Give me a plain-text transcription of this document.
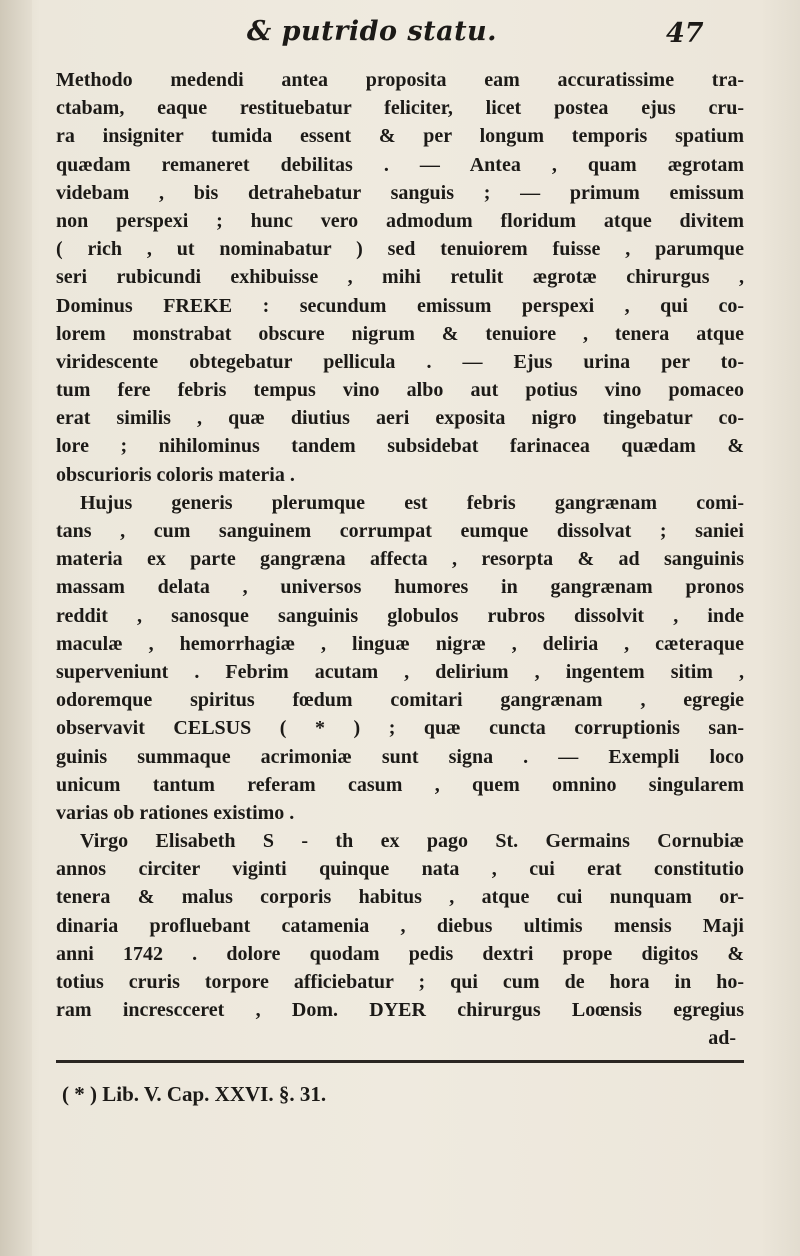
& putrido statu.	47
Methodo medendi antea proposita eam accuratissime tra-
ctabam, eaque restituebatur feliciter, licet postea ejus cru-
ra insigniter tumida essent & per longum temporis spatium
quædam remaneret debilitas . — Antea , quam ægrotam
videbam , bis detrahebatur sanguis ; — primum emissum
non perspexi ; hunc vero admodum floridum atque divitem
( rich , ut nominabatur ) sed tenuiorem fuisse , parumque
seri rubicundi exhibuisse , mihi retulit ægrotæ chirurgus ,
Dominus FREKE : secundum emissum perspexi , qui co-
lorem monstrabat obscure nigrum & tenuiore , tenera atque
viridescente obtegebatur pellicula . — Ejus urina per to-
tum fere febris tempus vino albo aut potius vino pomaceo
erat similis , quæ diutius aeri exposita nigro tingebatur co-
lore ; nihilominus tandem subsidebat farinacea quædam &
obscurioris coloris materia .
Hujus generis plerumque est febris gangrænam comi-
tans , cum sanguinem corrumpat eumque dissolvat ; saniei
materia ex parte gangræna affecta , resorpta & ad sanguinis
massam delata , universos humores in gangrænam pronos
reddit , sanosque sanguinis globulos rubros dissolvit , inde
maculæ , hemorrhagiæ , linguæ nigræ , deliria , cæteraque
superveniunt . Febrim acutam , delirium , ingentem sitim ,
odoremque spiritus fœdum comitari gangrænam , egregie
observavit CELSUS ( * ) ; quæ cuncta corruptionis san-
guinis summaque acrimoniæ sunt signa . — Exempli loco
unicum tantum referam casum , quem omnino singularem
varias ob rationes existimo .
Virgo Elisabeth S - th ex pago St. Germains Cornubiæ
annos circiter viginti quinque nata , cui erat constitutio
tenera & malus corporis habitus , atque cui nunquam or-
dinaria profluebant catamenia , diebus ultimis mensis Maji
anni 1742 . dolore quodam pedis dextri prope digitos &
totius cruris torpore afficiebatur ; qui cum de hora in ho-
ram increscceret , Dom. DYER chirurgus Loœnsis egregius
ad-
( * ) Lib. V. Cap. XXVI. §. 31.
